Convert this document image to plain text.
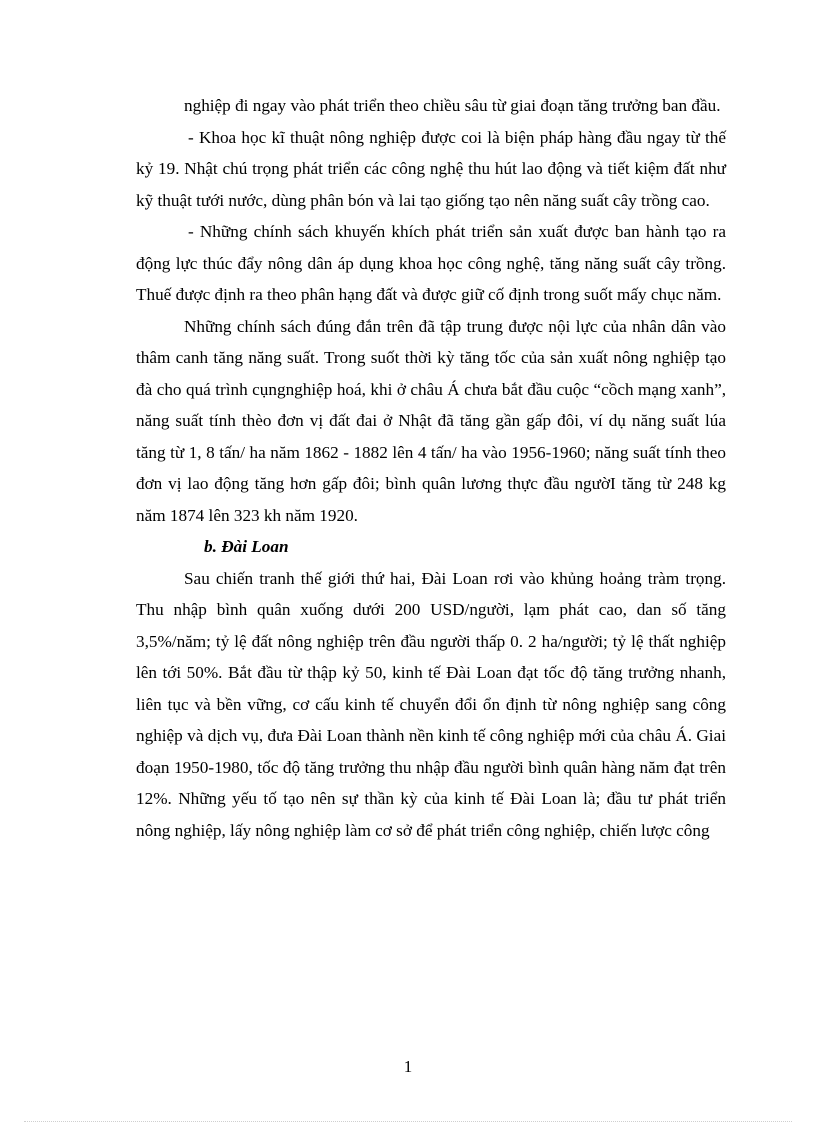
nghiệp đi ngay vào phát triển theo chiều sâu từ giai đoạn tăng trưởng ban đầu.

- Khoa học kĩ thuật nông nghiệp được coi là biện pháp hàng đầu ngay từ thế kỷ 19. Nhật chú trọng phát triển các công nghệ thu hút lao động và tiết kiệm đất như kỹ thuật tưới nước, dùng phân bón và lai tạo giống tạo nên năng suất cây trồng cao.

- Những chính sách khuyến khích phát triển sản xuất được ban hành tạo ra động lực thúc đẩy nông dân áp dụng khoa học công nghệ, tăng năng suất cây trồng. Thuế được định ra theo phân hạng đất và được giữ cố định trong suốt mấy chục năm.

Những chính sách đúng đắn trên đã tập trung được nội lực của nhân dân vào thâm canh tăng năng suất. Trong suốt thời kỳ tăng tốc của sản xuất nông nghiệp tạo đà cho quá trình cụngnghiệp hoá, khi ở châu Á chưa bắt đầu cuộc “cồch mạng xanh”, năng suất tính thèo đơn vị đất đai ở Nhật đã tăng gần gấp đôi, ví dụ năng suất lúa tăng từ 1, 8 tấn/ ha năm 1862 - 1882 lên 4 tấn/ ha vào 1956-1960; năng suất tính theo đơn vị lao động tăng hơn gấp đôi; bình quân lương thực đầu ngườI tăng từ 248 kg năm 1874 lên 323 kh năm 1920.

b. Đài Loan

Sau chiến tranh thế giới thứ hai, Đài Loan rơi vào khủng hoảng tràm trọng. Thu nhập bình quân xuống dưới 200 USD/người, lạm phát cao, dan số tăng 3,5%/năm; tỷ lệ đất nông nghiệp trên đầu người thấp 0. 2 ha/người; tỷ lệ thất nghiệp lên tới 50%. Bắt đầu từ thập kỷ 50, kinh tế Đài Loan đạt tốc độ tăng trưởng nhanh, liên tục và bền vững, cơ cấu kinh tế chuyển đổi ổn định từ nông nghiệp sang công nghiệp và dịch vụ, đưa Đài Loan thành nền kinh tế công nghiệp mới của châu Á. Giai đoạn 1950-1980, tốc độ tăng trưởng thu nhập đầu người bình quân hàng năm đạt trên 12%. Những yếu tố tạo nên sự thần kỳ của kinh tế Đài Loan là; đầu tư phát triển nông nghiệp, lấy nông nghiệp làm cơ sở để phát triển công nghiệp, chiến lược công

1
